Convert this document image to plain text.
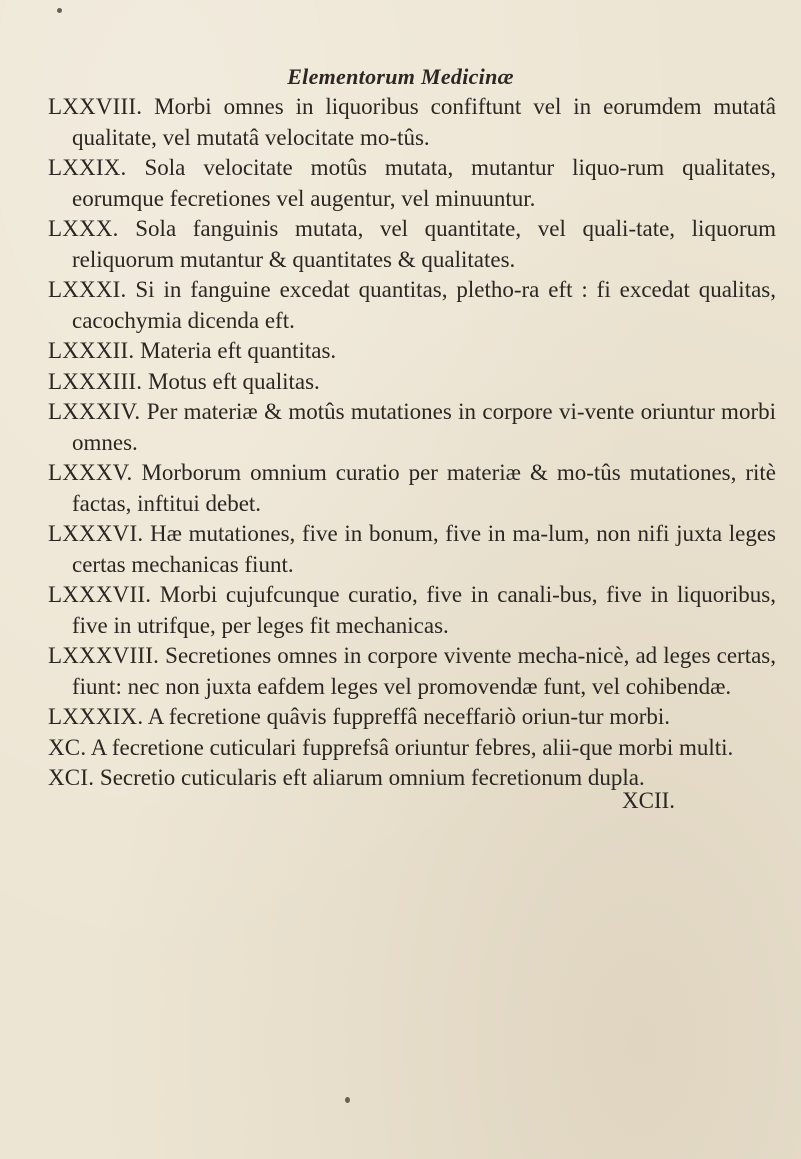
Elementorum Medicinæ

LXXVIII. Morbi omnes in liquoribus confiftunt vel in eorumdem mutatâ qualitate, vel mutatâ velocitate mo-tûs.

LXXIX. Sola velocitate motûs mutata, mutantur liquo-rum qualitates, eorumque fecretiones vel augentur, vel minuuntur.

LXXX. Sola fanguinis mutata, vel quantitate, vel quali-tate, liquorum reliquorum mutantur & quantitates & qualitates.

LXXXI. Si in fanguine excedat quantitas, pletho-ra eft : fi excedat qualitas, cacochymia dicenda eft.

LXXXII. Materia eft quantitas.

LXXXIII. Motus eft qualitas.

LXXXIV. Per materiæ & motûs mutationes in corpore vi-vente oriuntur morbi omnes.

LXXXV. Morborum omnium curatio per materiæ & mo-tûs mutationes, ritè factas, inftitui debet.

LXXXVI. Hæ mutationes, five in bonum, five in ma-lum, non nifi juxta leges certas mechanicas fiunt.

LXXXVII. Morbi cujufcunque curatio, five in canali-bus, five in liquoribus, five in utrifque, per leges fit mechanicas.

LXXXVIII. Secretiones omnes in corpore vivente mecha-nicè, ad leges certas, fiunt: nec non juxta eafdem leges vel promovendæ funt, vel cohibendæ.

LXXXIX. A fecretione quâvis fuppreffâ neceffariò oriun-tur morbi.

XC. A fecretione cuticulari fupprefsâ oriuntur febres, alii-que morbi multi.

XCI. Secretio cuticularis eft aliarum omnium fecretionum dupla.

XCII.
